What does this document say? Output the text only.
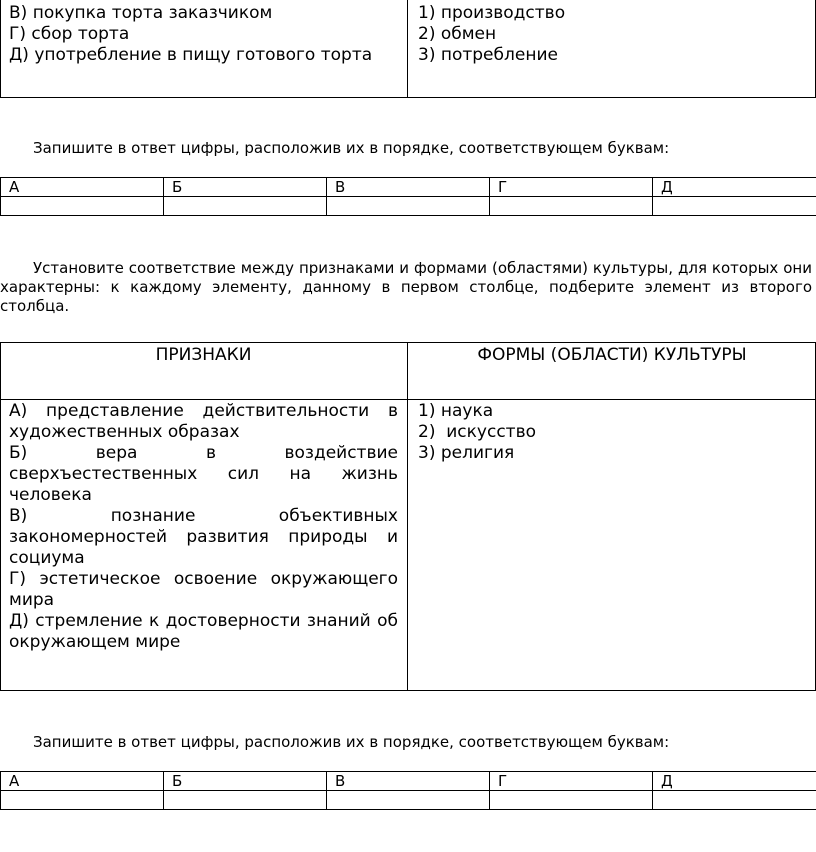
В) покупка торта заказчиком
Г) сбор торта
Д) употребление в пищу готового торта
1) производство
2) обмен
3) потребление
Запишите в ответ цифры, расположив их в порядке, соответствующем буквам:
А	Б	В	Г	Д

Установите соответствие между признаками и формами (областями) культуры, для которых они
характерны: к каждому элементу, данному в первом столбце, подберите элемент из второго
столбца.
ПРИЗНАКИ	ФОРМЫ (ОБЛАСТИ) КУЛЬТУРЫ
А) представление действительности в
художественных образах
Б) вера в воздействие
сверхъестественных сил на жизнь
человека
В) познание объективных
закономерностей развития природы и
социума
Г) эстетическое освоение окружающего
мира
Д) стремление к достоверности знаний об
окружающем мире
1) наука
2)  искусство
3) религия
Запишите в ответ цифры, расположив их в порядке, соответствующем буквам:
А	Б	В	Г	Д
